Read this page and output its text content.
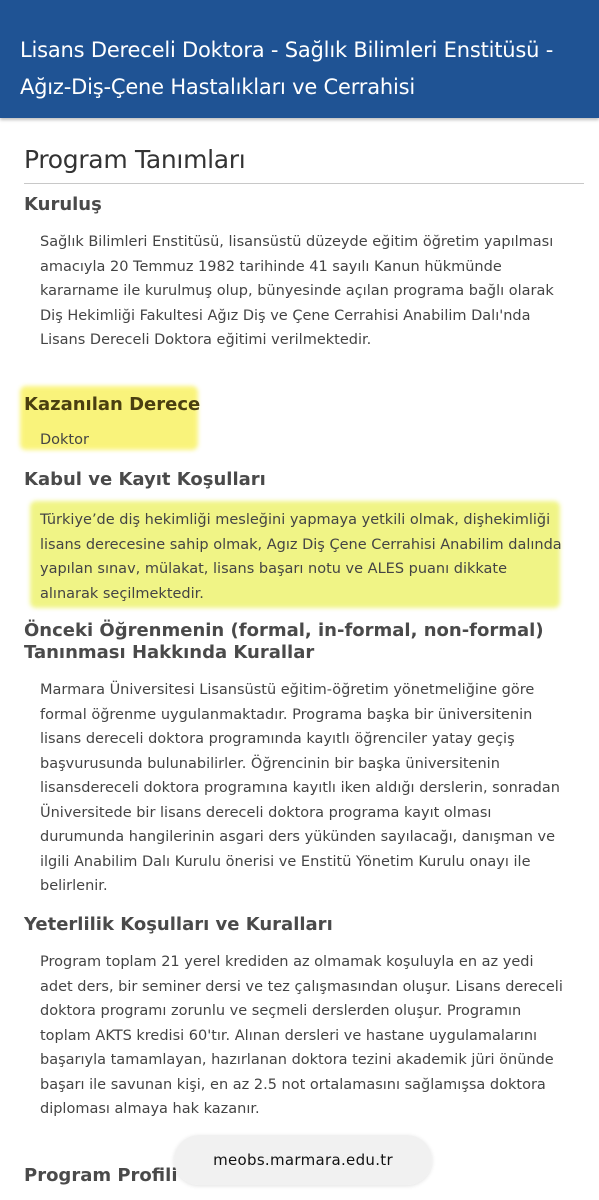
Lisans Dereceli Doktora - Sağlık Bilimleri Enstitüsü - Ağız-Diş-Çene Hastalıkları ve Cerrahisi
Program Tanımları
Kuruluş

Sağlık Bilimleri Enstitüsü, lisansüstü düzeyde eğitim öğretim yapılması amacıyla 20 Temmuz 1982 tarihinde 41 sayılı Kanun hükmünde kararname ile kurulmuş olup, bünyesinde açılan programa bağlı olarak Diş Hekimliği Fakultesi Ağız Diş ve Çene Cerrahisi Anabilim Dalı'nda Lisans Dereceli Doktora eğitimi verilmektedir.

Kazanılan Derece

Doktor

Kabul ve Kayıt Koşulları

Türkiye’de diş hekimliği mesleğini yapmaya yetkili olmak, dişhekimliği lisans derecesine sahip olmak, Agız Diş Çene Cerrahisi Anabilim dalında yapılan sınav, mülakat, lisans başarı notu ve ALES puanı dikkate alınarak seçilmektedir.

Önceki Öğrenmenin (formal, in-formal, non-formal) Tanınması Hakkında Kurallar

Marmara Üniversitesi Lisansüstü eğitim-öğretim yönetmeliğine göre formal öğrenme uygulanmaktadır. Programa başka bir üniversitenin lisans dereceli doktora programında kayıtlı öğrenciler yatay geçiş başvurusunda bulunabilirler. Öğrencinin bir başka üniversitenin lisansdereceli doktora programına kayıtlı iken aldığı derslerin, sonradan Üniversitede bir lisans dereceli doktora programa kayıt olması durumunda hangilerinin asgari ders yükünden sayılacağı, danışman ve ilgili Anabilim Dalı Kurulu önerisi ve Enstitü Yönetim Kurulu onayı ile belirlenir.

Yeterlilik Koşulları ve Kuralları

Program toplam 21 yerel krediden az olmamak koşuluyla en az yedi adet ders, bir seminer dersi ve tez çalışmasından oluşur. Lisans dereceli doktora programı zorunlu ve seçmeli derslerden oluşur. Programın toplam AKTS kredisi 60'tır. Alınan dersleri ve hastane uygulamalarını başarıyla tamamlayan, hazırlanan doktora tezini akademik jüri önünde başarı ile savunan kişi, en az 2.5 not ortalamasını sağlamışsa doktora diploması almaya hak kazanır.

Program Profili
meobs.marmara.edu.tr
